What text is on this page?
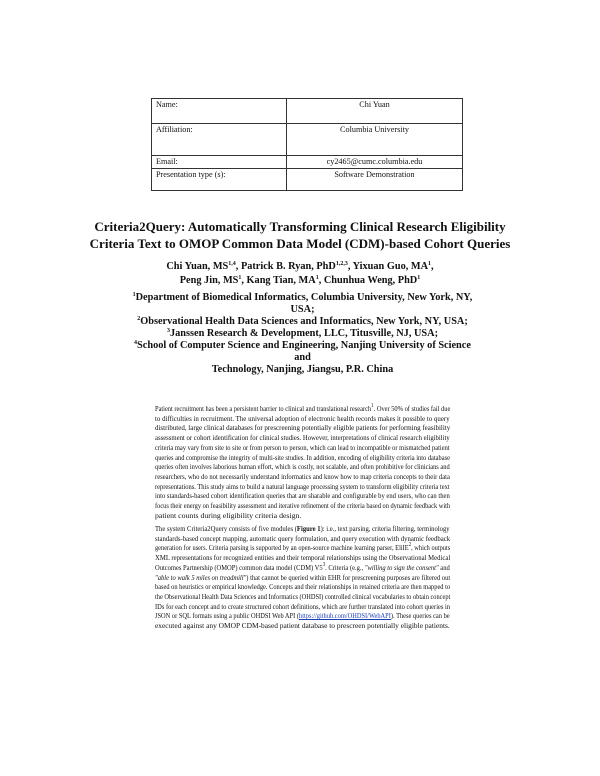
Name:	Chi Yuan
Affiliation:	Columbia University
Email:	cy2465@cumc.columbia.edu
Presentation type (s):	Software Demonstration
Criteria2Query: Automatically Transforming Clinical Research Eligibility
Criteria Text to OMOP Common Data Model (CDM)-based Cohort Queries
Chi Yuan, MS$^{1,4}$, Patrick B. Ryan, PhD$^{1,2,3}$, Yixuan Guo, $MA^1$,
Peng Jin, $MS^1$, Kang Tian, $MA^1$, Chunhua Weng, PhD$^1$
$^1$Department of Biomedical Informatics, Columbia University, New York, NY, USA;
$^2$Observational Health Data Sciences and Informatics, New York, NY, USA;
$^3$Janssen Research & Development, LLC, Titusville, NJ, USA;
$^4$School of Computer Science and Engineering, Nanjing University of Science and
Technology, Nanjing, Jiangsu, P.R. China
Patient recruitment has been a persistent barrier to clinical and translational research$^1$. Over 50% of studies fail due
to difficulties in recruitment. The universal adoption of electronic health records makes it possible to query
distributed, large clinical databases for prescreening potentially eligible patients for performing feasibility
assessment or cohort identification for clinical studies. However, interpretations of clinical research eligibility
criteria may vary from site to site or from person to person, which can lead to incompatible or mismatched patient
queries and compromise the integrity of multi-site studies. In addition, encoding of eligibility criteria into database
queries often involves laborious human effort, which is costly, not scalable, and often prohibitive for clinicians and
researchers, who do not necessarily understand informatics and know how to map criteria concepts to their data
representations. This study aims to build a natural language processing system to transform eligibility criteria text
into standards-based cohort identification queries that are sharable and configurable by end users, who can then
focus their energy on feasibility assessment and iterative refinement of the criteria based on dynamic feedback with
patient counts during eligibility criteria design.
The system Criteria2Query consists of five modules (Figure 1): i.e., text parsing, criteria filtering, terminology
standards-based concept mapping, automatic query formulation, and query execution with dynamic feedback
generation for users. Criteria parsing is supported by an open-source machine learning parser, EliIE$^2$, which outputs
XML representations for recognized entities and their temporal relationships using the Observational Medical
Outcomes Partnership (OMOP) common data model (CDM) $V5^3$. Criteria (e.g., "willing to sign the consent" and
"able to walk 5 miles on treadmill") that cannot be queried within EHR for prescreening purposes are filtered out
based on heuristics or empirical knowledge. Concepts and their relationships in retained criteria are then mapped to
the Observational Health Data Sciences and Informatics (OHDSI) controlled clinical vocabularies to obtain concept
IDs for each concept and to create structured cohort definitions, which are further translated into cohort queries in
JSON or SQL formats using a public OHDSI Web API (https://github.com/OHDSI/WebAPI). These queries can be
executed against any OMOP CDM-based patient database to prescreen potentially eligible patients.
